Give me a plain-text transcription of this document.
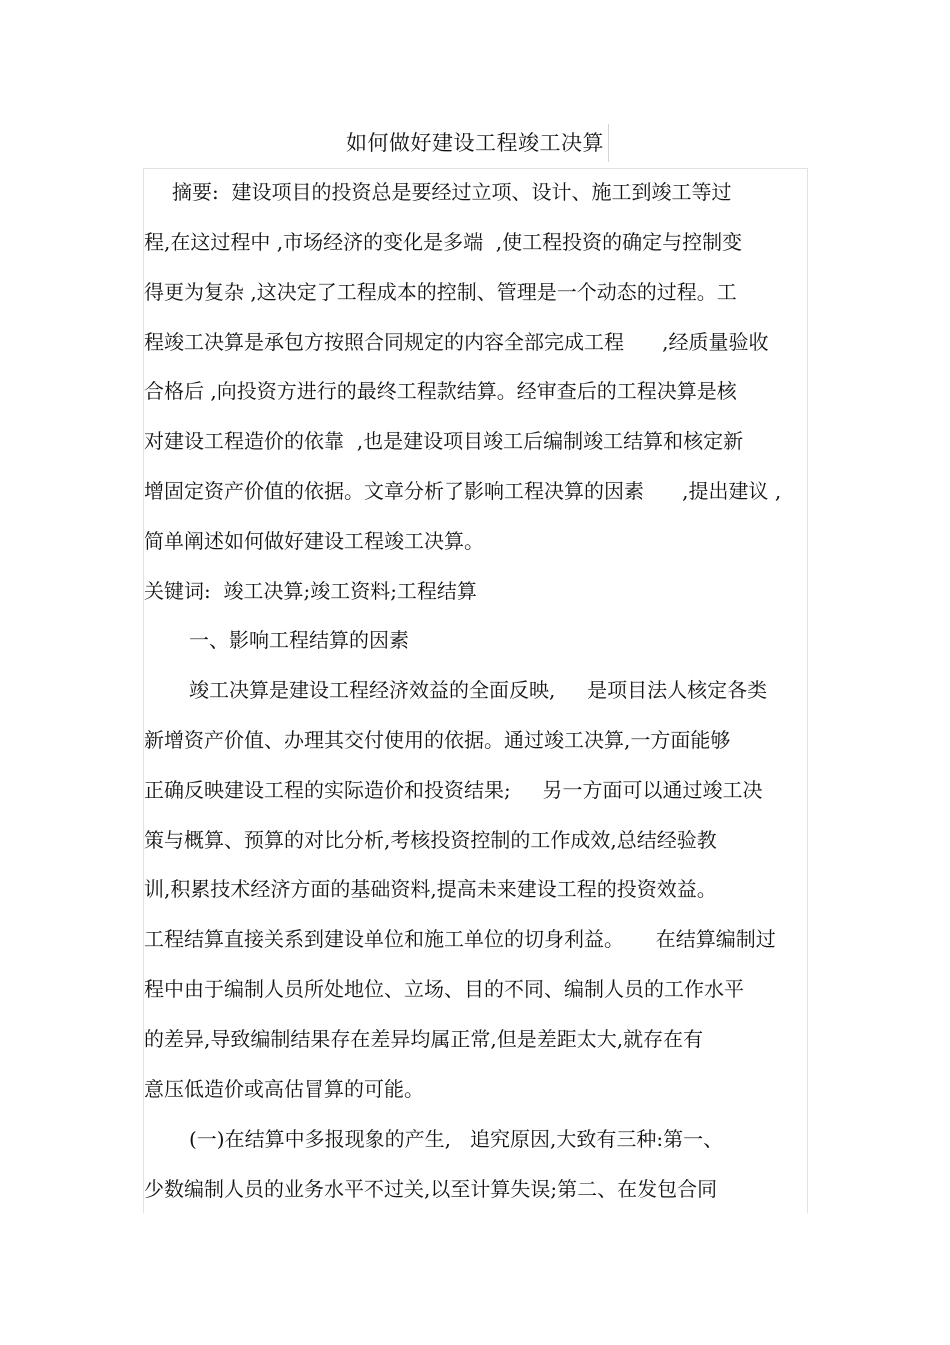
如何做好建设工程竣工决算
摘要:  建设项目的投资总是要经过立项、设计、施工到竣工等过
程,在这过程中 ,市场经济的变化是多端  ,使工程投资的确定与控制变
得更为复杂 ,这决定了工程成本的控制、管理是一个动态的过程。工
程竣工决算是承包方按照合同规定的内容全部完成工程      ,经质量验收
合格后 ,向投资方进行的最终工程款结算。经审查后的工程决算是核
对建设工程造价的依靠  ,也是建设项目竣工后编制竣工结算和核定新
增固定资产价值的依据。文章分析了影响工程决算的因素      ,提出建议 ,
简单阐述如何做好建设工程竣工决算。
关键词:  竣工决算;竣工资料;工程结算
一、影响工程结算的因素
竣工决算是建设工程经济效益的全面反映,     是项目法人核定各类
新增资产价值、办理其交付使用的依据。通过竣工决算,一方面能够
正确反映建设工程的实际造价和投资结果;     另一方面可以通过竣工决
策与概算、预算的对比分析,考核投资控制的工作成效,总结经验教
训,积累技术经济方面的基础资料,提高未来建设工程的投资效益。
工程结算直接关系到建设单位和施工单位的切身利益。     在结算编制过
程中由于编制人员所处地位、立场、目的不同、编制人员的工作水平
的差异,导致编制结果存在差异均属正常,但是差距太大,就存在有
意压低造价或高估冒算的可能。
(一)在结算中多报现象的产生,   追究原因,大致有三种:第一、
少数编制人员的业务水平不过关,以至计算失误;第二、在发包合同
